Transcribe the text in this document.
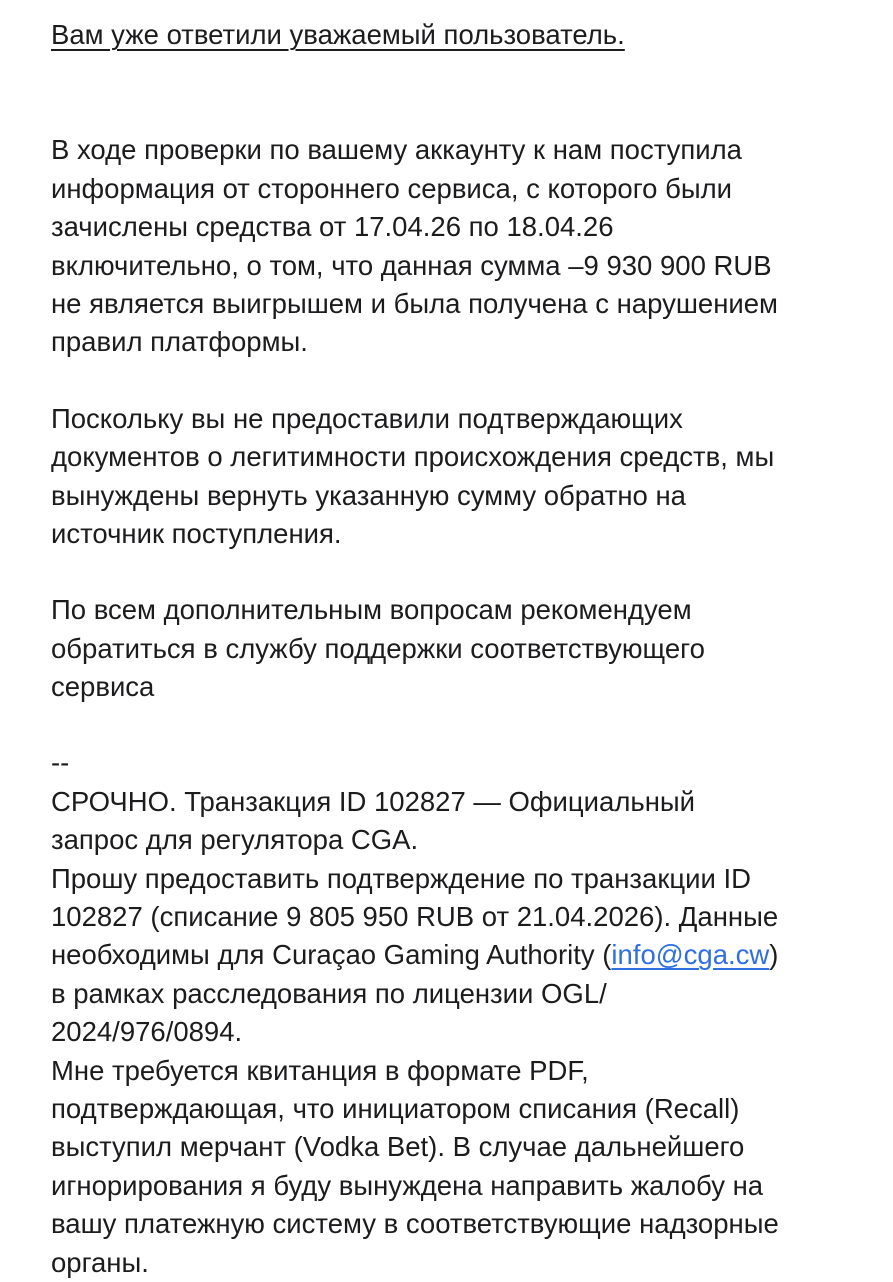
Вам уже ответили уважаемый пользователь.
В ходе проверки по вашему аккаунту к нам поступила
информация от стороннего сервиса, с которого были
зачислены средства от 17.04.26 по 18.04.26
включительно, о том, что данная сумма –9 930 900 RUB
не является выигрышем и была получена с нарушением
правил платформы.
Поскольку вы не предоставили подтверждающих
документов о легитимности происхождения средств, мы
вынуждены вернуть указанную сумму обратно на
источник поступления.
По всем дополнительным вопросам рекомендуем
обратиться в службу поддержки соответствующего
сервиса
--
СРОЧНО. Транзакция ID 102827 — Официальный
запрос для регулятора CGA.
Прошу предоставить подтверждение по транзакции ID
102827 (списание 9 805 950 RUB от 21.04.2026). Данные
необходимы для Curaçao Gaming Authority (info@cga.cw)
в рамках расследования по лицензии OGL/
2024/976/0894.
Мне требуется квитанция в формате PDF,
подтверждающая, что инициатором списания (Recall)
выступил мерчант (Vodka Bet). В случае дальнейшего
игнорирования я буду вынуждена направить жалобу на
вашу платежную систему в соответствующие надзорные
органы.
